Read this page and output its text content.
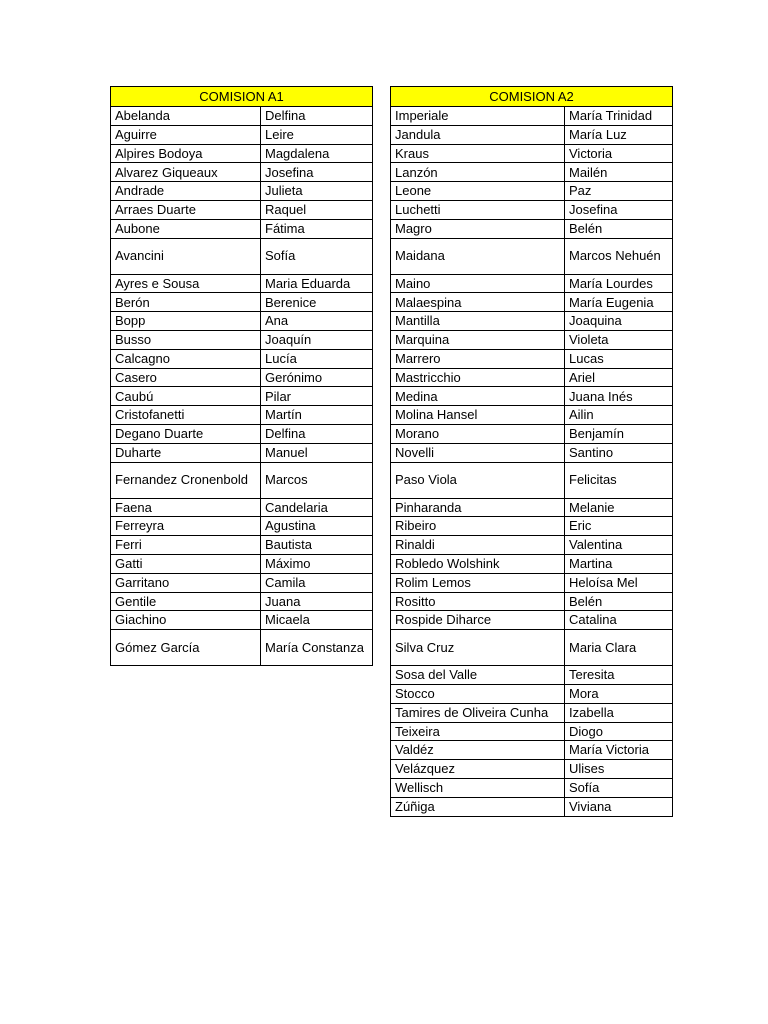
COMISION A1	
Abelanda	Delfina
Aguirre	Leire
Alpires Bodoya	Magdalena
Alvarez Giqueaux	Josefina
Andrade	Julieta
Arraes Duarte	Raquel
Aubone	Fátima
Avancini	Sofía
Ayres e Sousa	Maria Eduarda
Berón	Berenice
Bopp	Ana
Busso	Joaquín
Calcagno	Lucía
Casero	Gerónimo
Caubú	Pilar
Cristofanetti	Martín
Degano Duarte	Delfina
Duharte	Manuel
Fernandez Cronenbold	Marcos
Faena	Candelaria
Ferreyra	Agustina
Ferri	Bautista
Gatti	Máximo
Garritano	Camila
Gentile	Juana
Giachino	Micaela
Gómez García	María Constanza
COMISION A2	
Imperiale	María Trinidad
Jandula	María Luz
Kraus	Victoria
Lanzón	Mailén
Leone	Paz
Luchetti	Josefina
Magro	Belén
Maidana	Marcos Nehuén
Maino	María Lourdes
Malaespina	María Eugenia
Mantilla	Joaquina
Marquina	Violeta
Marrero	Lucas
Mastricchio	Ariel
Medina	Juana Inés
Molina Hansel	Ailin
Morano	Benjamín
Novelli	Santino
Paso Viola	Felicitas
Pinharanda	Melanie
Ribeiro	Eric
Rinaldi	Valentina
Robledo Wolshink	Martina
Rolim Lemos	Heloísa Mel
Rositto	Belén
Rospide Diharce	Catalina
Silva Cruz	Maria Clara
Sosa del Valle	Teresita
Stocco	Mora
Tamires de Oliveira Cunha	Izabella
Teixeira	Diogo
Valdéz	María Victoria
Velázquez	Ulises
Wellisch	Sofía
Zúñiga	Viviana
